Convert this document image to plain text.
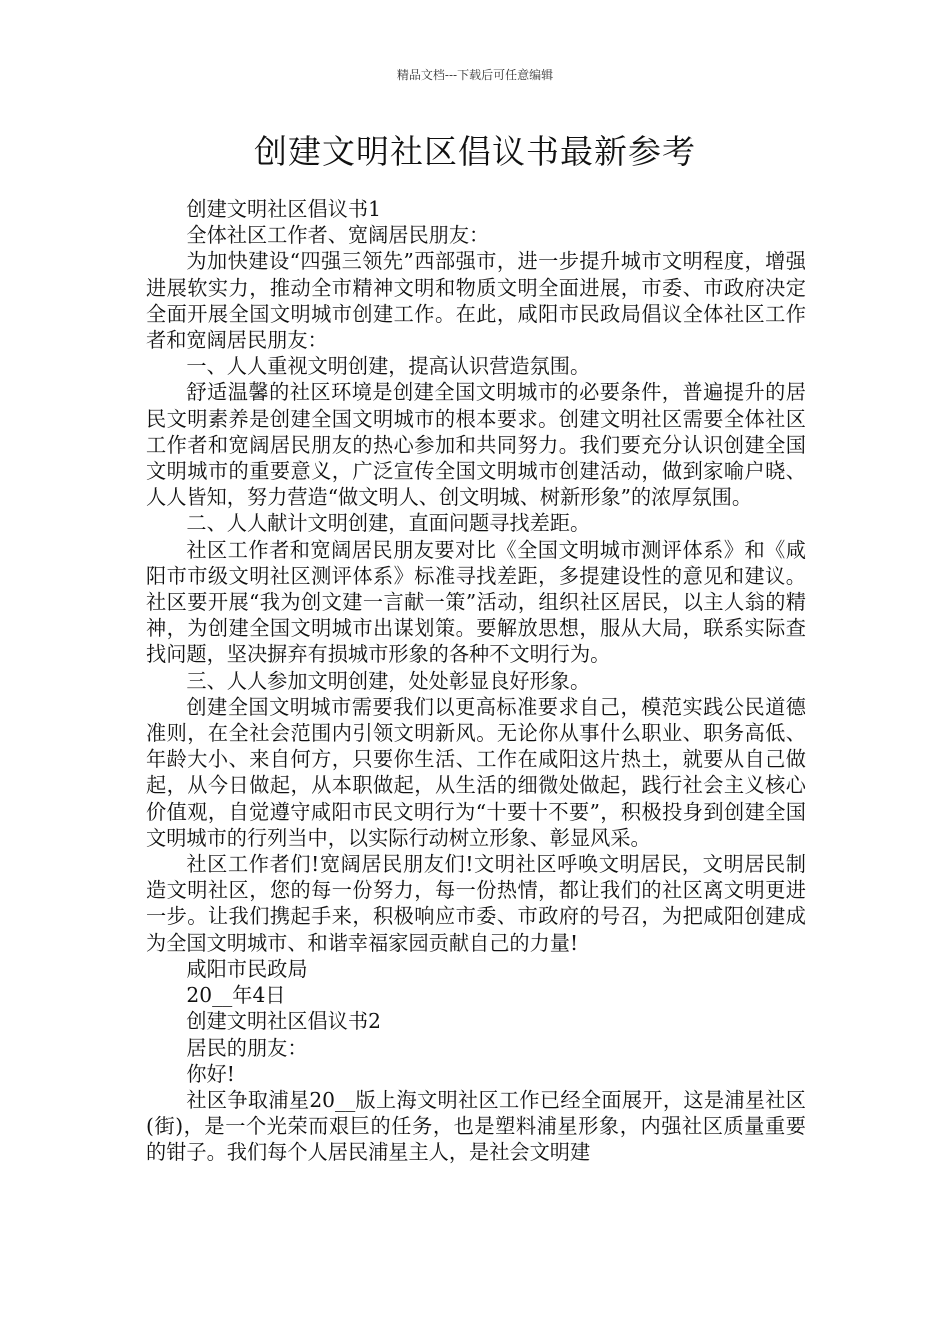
精品文档---下载后可任意编辑
创建文明社区倡议书最新参考

创建文明社区倡议书1

全体社区工作者、宽阔居民朋友：

为加快建设“四强三领先”西部强市，进一步提升城市文明程度，增强进展软实力，推动全市精神文明和物质文明全面进展，市委、市政府决定全面开展全国文明城市创建工作。在此，咸阳市民政局倡议全体社区工作者和宽阔居民朋友：

一、人人重视文明创建，提高认识营造氛围。

舒适温馨的社区环境是创建全国文明城市的必要条件，普遍提升的居民文明素养是创建全国文明城市的根本要求。创建文明社区需要全体社区工作者和宽阔居民朋友的热心参加和共同努力。我们要充分认识创建全国文明城市的重要意义，广泛宣传全国文明城市创建活动，做到家喻户晓、人人皆知，努力营造“做文明人、创文明城、树新形象”的浓厚氛围。

二、人人献计文明创建，直面问题寻找差距。

社区工作者和宽阔居民朋友要对比《全国文明城市测评体系》和《咸阳市市级文明社区测评体系》标准寻找差距，多提建设性的意见和建议。社区要开展“我为创文建一言献一策”活动，组织社区居民，以主人翁的精神，为创建全国文明城市出谋划策。要解放思想，服从大局，联系实际查找问题，坚决摒弃有损城市形象的各种不文明行为。

三、人人参加文明创建，处处彰显良好形象。

创建全国文明城市需要我们以更高标准要求自己，模范实践公民道德准则，在全社会范围内引领文明新风。无论你从事什么职业、职务高低、年龄大小、来自何方，只要你生活、工作在咸阳这片热土，就要从自己做起，从今日做起，从本职做起，从生活的细微处做起，践行社会主义核心价值观，自觉遵守咸阳市民文明行为“十要十不要”，积极投身到创建全国文明城市的行列当中，以实际行动树立形象、彰显风采。

社区工作者们!宽阔居民朋友们!文明社区呼唤文明居民，文明居民制造文明社区，您的每一份努力，每一份热情，都让我们的社区离文明更进一步。让我们携起手来，积极响应市委、市政府的号召，为把咸阳创建成为全国文明城市、和谐幸福家园贡献自己的力量!

咸阳市民政局

20__年4日

创建文明社区倡议书2

居民的朋友：

你好!

社区争取浦星20__版上海文明社区工作已经全面展开，这是浦星社区(街)，是一个光荣而艰巨的任务，也是塑料浦星形象，内强社区质量重要的钳子。我们每个人居民浦星主人，是社会文明建
